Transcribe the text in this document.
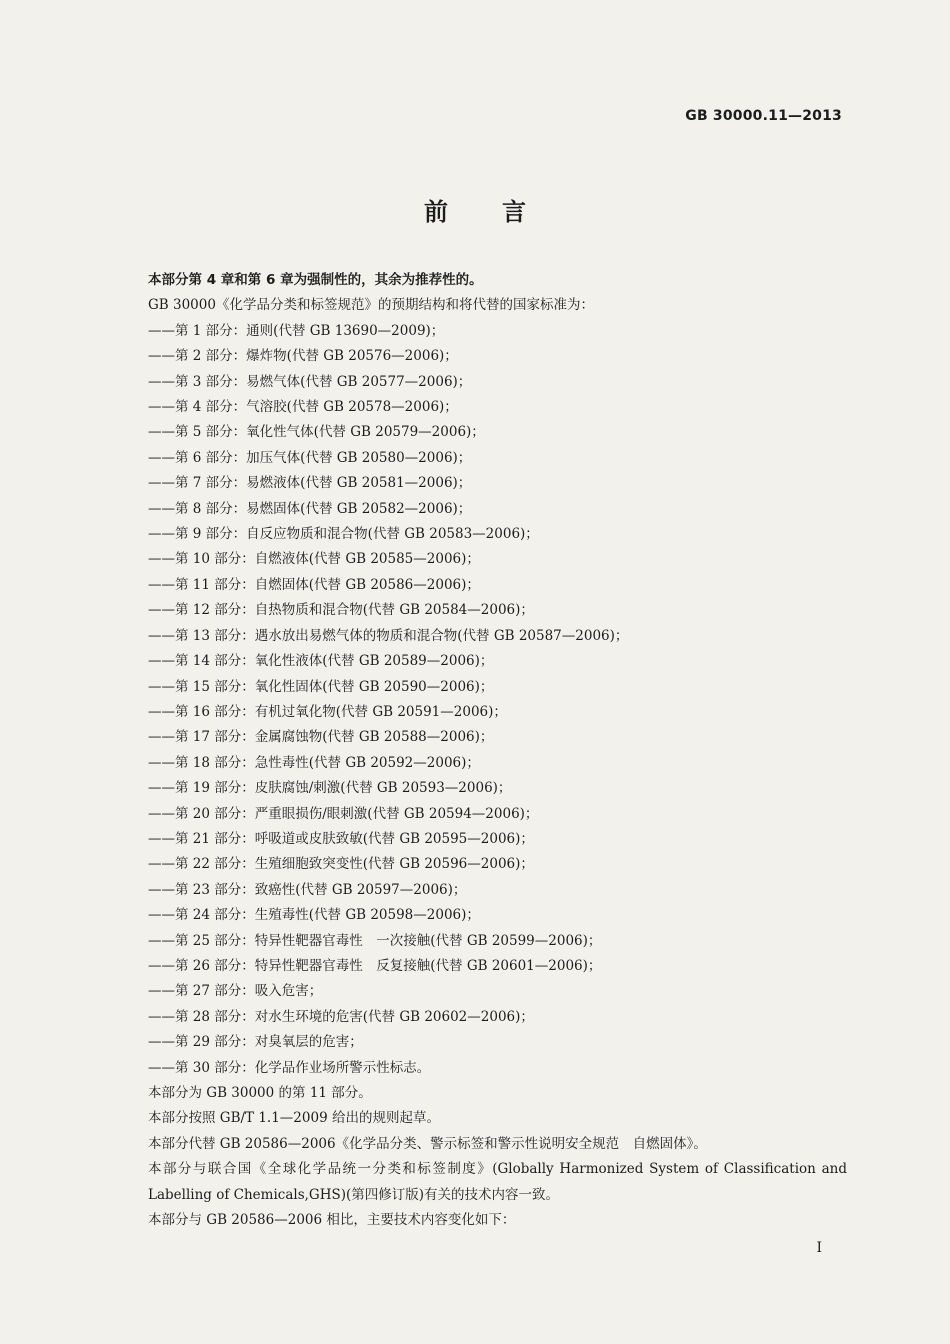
GB 30000.11—2013
前言
本部分第 4 章和第 6 章为强制性的，其余为推荐性的。
GB 30000《化学品分类和标签规范》的预期结构和将代替的国家标准为：
——第 1 部分：通则(代替 GB 13690—2009)；
——第 2 部分：爆炸物(代替 GB 20576—2006)；
——第 3 部分：易燃气体(代替 GB 20577—2006)；
——第 4 部分：气溶胶(代替 GB 20578—2006)；
——第 5 部分：氧化性气体(代替 GB 20579—2006)；
——第 6 部分：加压气体(代替 GB 20580—2006)；
——第 7 部分：易燃液体(代替 GB 20581—2006)；
——第 8 部分：易燃固体(代替 GB 20582—2006)；
——第 9 部分：自反应物质和混合物(代替 GB 20583—2006)；
——第 10 部分：自燃液体(代替 GB 20585—2006)；
——第 11 部分：自燃固体(代替 GB 20586—2006)；
——第 12 部分：自热物质和混合物(代替 GB 20584—2006)；
——第 13 部分：遇水放出易燃气体的物质和混合物(代替 GB 20587—2006)；
——第 14 部分：氧化性液体(代替 GB 20589—2006)；
——第 15 部分：氧化性固体(代替 GB 20590—2006)；
——第 16 部分：有机过氧化物(代替 GB 20591—2006)；
——第 17 部分：金属腐蚀物(代替 GB 20588—2006)；
——第 18 部分：急性毒性(代替 GB 20592—2006)；
——第 19 部分：皮肤腐蚀/刺激(代替 GB 20593—2006)；
——第 20 部分：严重眼损伤/眼刺激(代替 GB 20594—2006)；
——第 21 部分：呼吸道或皮肤致敏(代替 GB 20595—2006)；
——第 22 部分：生殖细胞致突变性(代替 GB 20596—2006)；
——第 23 部分：致癌性(代替 GB 20597—2006)；
——第 24 部分：生殖毒性(代替 GB 20598—2006)；
——第 25 部分：特异性靶器官毒性　一次接触(代替 GB 20599—2006)；
——第 26 部分：特异性靶器官毒性　反复接触(代替 GB 20601—2006)；
——第 27 部分：吸入危害；
——第 28 部分：对水生环境的危害(代替 GB 20602—2006)；
——第 29 部分：对臭氧层的危害；
——第 30 部分：化学品作业场所警示性标志。
本部分为 GB 30000 的第 11 部分。
本部分按照 GB/T 1.1—2009 给出的规则起草。
本部分代替 GB 20586—2006《化学品分类、警示标签和警示性说明安全规范　自燃固体》。
本部分与联合国《全球化学品统一分类和标签制度》(Globally Harmonized System of Classification and Labelling of Chemicals,GHS)(第四修订版)有关的技术内容一致。
本部分与 GB 20586—2006 相比，主要技术内容变化如下：
I
